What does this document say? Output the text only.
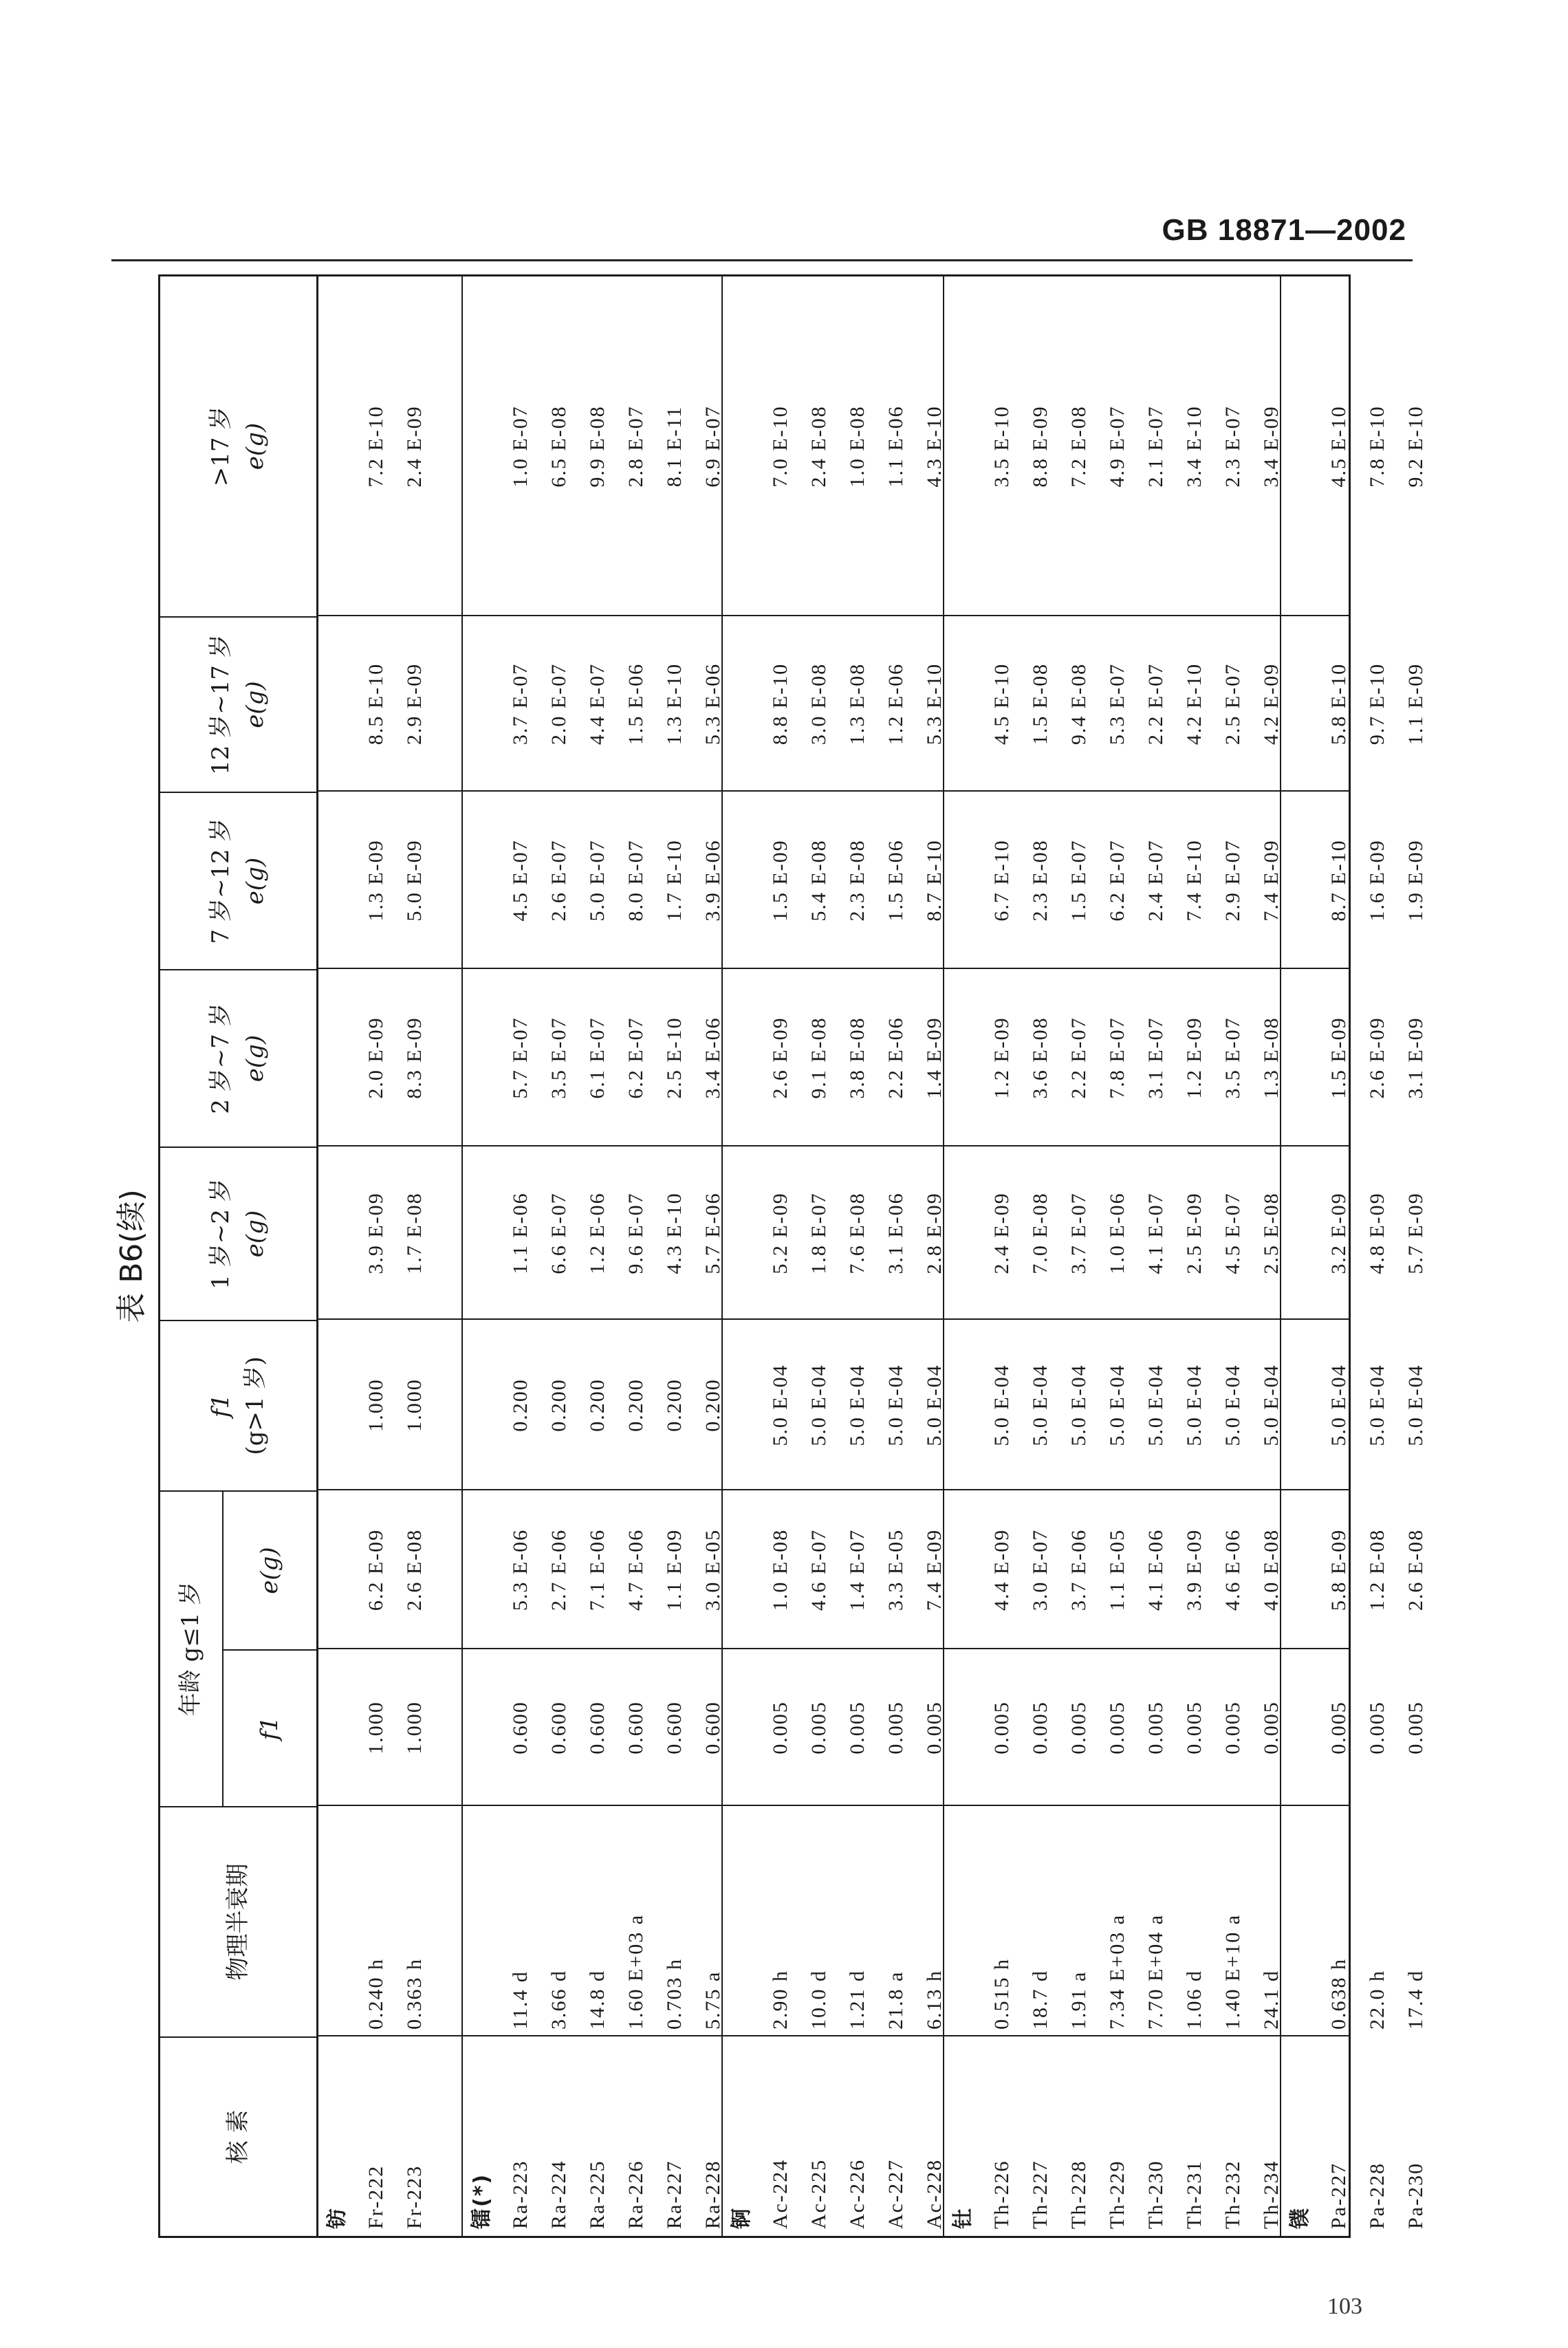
GB 18871—2002
表 B6(续)
核 素
物理半衰期
年龄 g≤1 岁
f1
e(g)
f1 (g>1 岁)
1 岁~2 岁 e(g)
2 岁~7 岁 e(g)
7 岁~12 岁 e(g)
12 岁~17 岁 e(g)
>17 岁 e(g)
钫 Fr-222
0.240 h
1.000
6.2 E-09
1.000
3.9 E-09
2.0 E-09
1.3 E-09
8.5 E-10
7.2 E-10
Fr-223
0.363 h
1.000
2.6 E-08
1.000
1.7 E-08
8.3 E-09
5.0 E-09
2.9 E-09
2.4 E-09
镭(*) Ra-223
11.4 d
0.600
5.3 E-06
0.200
1.1 E-06
5.7 E-07
4.5 E-07
3.7 E-07
1.0 E-07
Ra-224
3.66 d
0.600
2.7 E-06
0.200
6.6 E-07
3.5 E-07
2.6 E-07
2.0 E-07
6.5 E-08
Ra-225
14.8 d
0.600
7.1 E-06
0.200
1.2 E-06
6.1 E-07
5.0 E-07
4.4 E-07
9.9 E-08
Ra-226
1.60 E+03 a
0.600
4.7 E-06
0.200
9.6 E-07
6.2 E-07
8.0 E-07
1.5 E-06
2.8 E-07
Ra-227
0.703 h
0.600
1.1 E-09
0.200
4.3 E-10
2.5 E-10
1.7 E-10
1.3 E-10
8.1 E-11
Ra-228
5.75 a
0.600
3.0 E-05
0.200
5.7 E-06
3.4 E-06
3.9 E-06
5.3 E-06
6.9 E-07
锕 Ac-224
2.90 h
0.005
1.0 E-08
5.0 E-04
5.2 E-09
2.6 E-09
1.5 E-09
8.8 E-10
7.0 E-10
Ac-225
10.0 d
0.005
4.6 E-07
5.0 E-04
1.8 E-07
9.1 E-08
5.4 E-08
3.0 E-08
2.4 E-08
Ac-226
1.21 d
0.005
1.4 E-07
5.0 E-04
7.6 E-08
3.8 E-08
2.3 E-08
1.3 E-08
1.0 E-08
Ac-227
21.8 a
0.005
3.3 E-05
5.0 E-04
3.1 E-06
2.2 E-06
1.5 E-06
1.2 E-06
1.1 E-06
Ac-228
6.13 h
0.005
7.4 E-09
5.0 E-04
2.8 E-09
1.4 E-09
8.7 E-10
5.3 E-10
4.3 E-10
钍 Th-226
0.515 h
0.005
4.4 E-09
5.0 E-04
2.4 E-09
1.2 E-09
6.7 E-10
4.5 E-10
3.5 E-10
Th-227
18.7 d
0.005
3.0 E-07
5.0 E-04
7.0 E-08
3.6 E-08
2.3 E-08
1.5 E-08
8.8 E-09
Th-228
1.91 a
0.005
3.7 E-06
5.0 E-04
3.7 E-07
2.2 E-07
1.5 E-07
9.4 E-08
7.2 E-08
Th-229
7.34 E+03 a
0.005
1.1 E-05
5.0 E-04
1.0 E-06
7.8 E-07
6.2 E-07
5.3 E-07
4.9 E-07
Th-230
7.70 E+04 a
0.005
4.1 E-06
5.0 E-04
4.1 E-07
3.1 E-07
2.4 E-07
2.2 E-07
2.1 E-07
Th-231
1.06 d
0.005
3.9 E-09
5.0 E-04
2.5 E-09
1.2 E-09
7.4 E-10
4.2 E-10
3.4 E-10
Th-232
1.40 E+10 a
0.005
4.6 E-06
5.0 E-04
4.5 E-07
3.5 E-07
2.9 E-07
2.5 E-07
2.3 E-07
Th-234
24.1 d
0.005
4.0 E-08
5.0 E-04
2.5 E-08
1.3 E-08
7.4 E-09
4.2 E-09
3.4 E-09
镤 Pa-227
0.638 h
0.005
5.8 E-09
5.0 E-04
3.2 E-09
1.5 E-09
8.7 E-10
5.8 E-10
4.5 E-10
Pa-228
22.0 h
0.005
1.2 E-08
5.0 E-04
4.8 E-09
2.6 E-09
1.6 E-09
9.7 E-10
7.8 E-10
Pa-230
17.4 d
0.005
2.6 E-08
5.0 E-04
5.7 E-09
3.1 E-09
1.9 E-09
1.1 E-09
9.2 E-10
103
